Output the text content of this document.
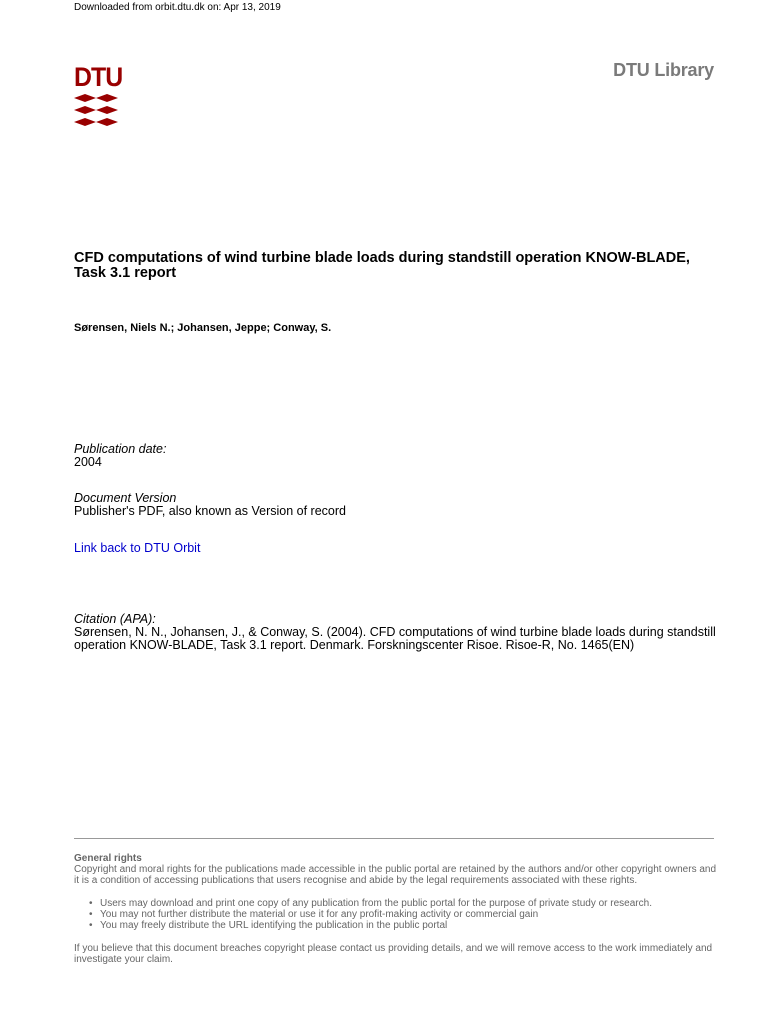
Downloaded from orbit.dtu.dk on: Apr 13, 2019
DTU	DTU Library
CFD computations of wind turbine blade loads during standstill operation KNOW-BLADE, Task 3.1 report
Sørensen, Niels N.; Johansen, Jeppe; Conway, S.
Publication date:
2004
Document Version
Publisher's PDF, also known as Version of record
Link back to DTU Orbit
Citation (APA):
Sørensen, N. N., Johansen, J., & Conway, S. (2004). CFD computations of wind turbine blade loads during standstill operation KNOW-BLADE, Task 3.1 report. Denmark. Forskningscenter Risoe. Risoe-R, No. 1465(EN)
General rights
Copyright and moral rights for the publications made accessible in the public portal are retained by the authors and/or other copyright owners and it is a condition of accessing publications that users recognise and abide by the legal requirements associated with these rights.
• Users may download and print one copy of any publication from the public portal for the purpose of private study or research.
• You may not further distribute the material or use it for any profit-making activity or commercial gain
• You may freely distribute the URL identifying the publication in the public portal
If you believe that this document breaches copyright please contact us providing details, and we will remove access to the work immediately and investigate your claim.
